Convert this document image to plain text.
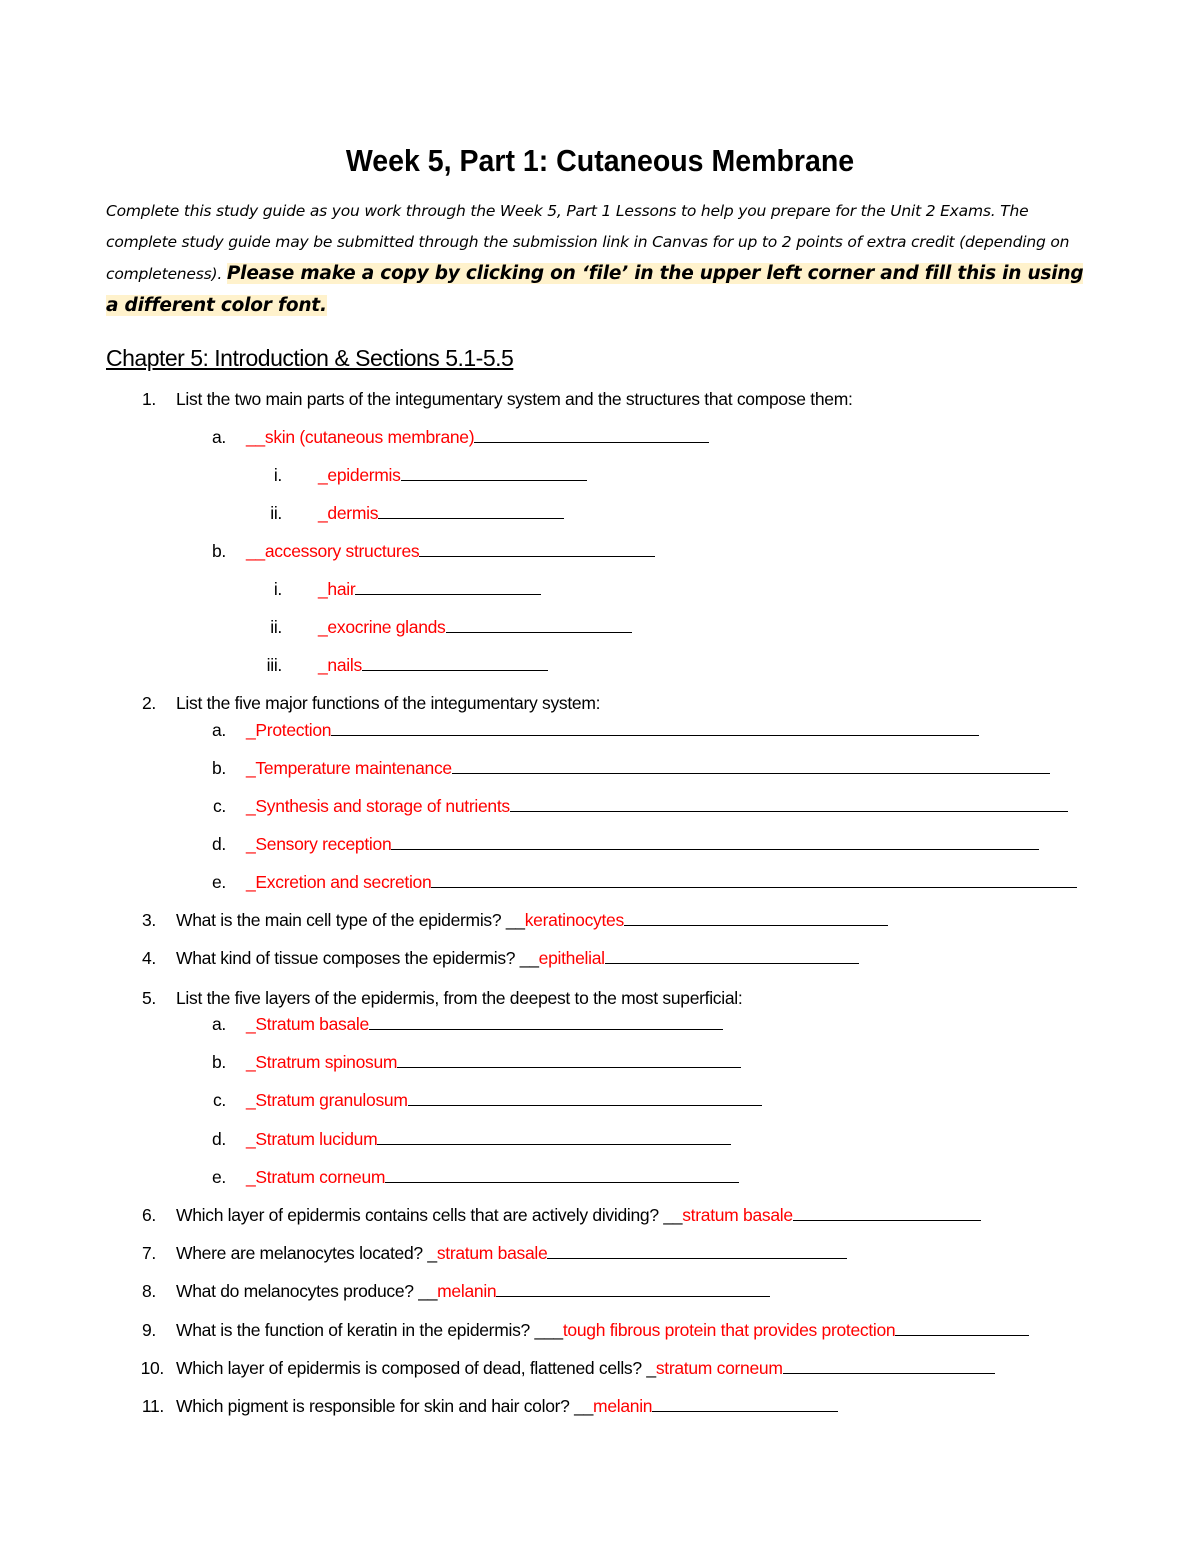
Week 5, Part 1: Cutaneous Membrane
Complete this study guide as you work through the Week 5, Part 1 Lessons to help you prepare for the Unit 2 Exams. The complete study guide may be submitted through the submission link in Canvas for up to 2 points of extra credit (depending on completeness). Please make a copy by clicking on ‘file’ in the upper left corner and fill this in using a different color font.
Chapter 5: Introduction & Sections 5.1-5.5
1. List the two main parts of the integumentary system and the structures that compose them:
a. __skin (cutaneous membrane)
i. _epidermis
ii. _dermis
b. __accessory structures
i. _hair
ii. _exocrine glands
iii. _nails
2. List the five major functions of the integumentary system:
a. _Protection
b. _Temperature maintenance
c. _Synthesis and storage of nutrients
d. _Sensory reception
e. _Excretion and secretion
3. What is the main cell type of the epidermis? __keratinocytes
4. What kind of tissue composes the epidermis? __epithelial
5. List the five layers of the epidermis, from the deepest to the most superficial:
a. _Stratum basale
b. _Stratrum spinosum
c. _Stratum granulosum
d. _Stratum lucidum
e. _Stratum corneum
6. Which layer of epidermis contains cells that are actively dividing? __stratum basale
7. Where are melanocytes located? _stratum basale
8. What do melanocytes produce? __melanin
9. What is the function of keratin in the epidermis? ___tough fibrous protein that provides protection
10. Which layer of epidermis is composed of dead, flattened cells? _stratum corneum
11. Which pigment is responsible for skin and hair color? __melanin
